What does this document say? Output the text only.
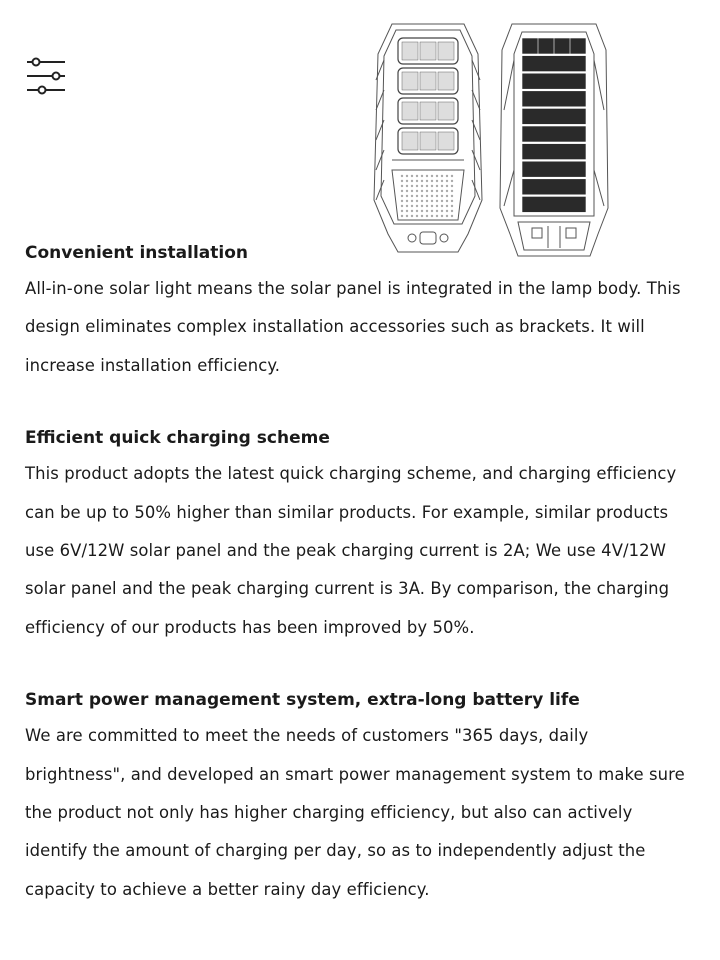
Convenient installation

All-in-one solar light means the solar panel is integrated in the lamp body. This
design eliminates complex installation accessories such as brackets. It will
increase installation efficiency.

Efficient quick charging scheme

This product adopts the latest quick charging scheme, and charging efficiency
can be up to 50% higher than similar products. For example, similar products
use 6V/12W solar panel and the peak charging current is 2A; We use 4V/12W
solar panel and the peak charging current is 3A. By comparison, the charging
efficiency of our products has been improved by 50%.

Smart power management system, extra-long battery life

We are committed to meet the needs of customers "365 days, daily
brightness", and developed an smart power management system to make sure
the product not only has higher charging efficiency, but also can actively
identify the amount of charging per day, so as to independently adjust the
capacity to achieve a better rainy day efficiency.
